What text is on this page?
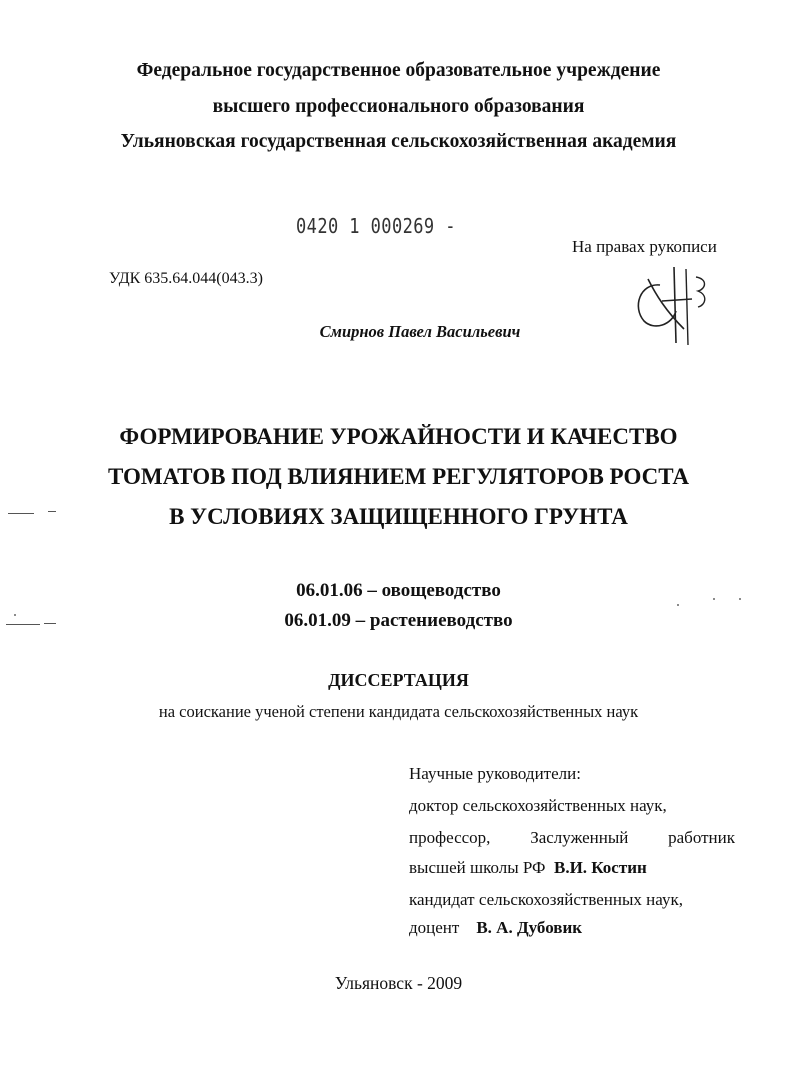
Федеральное государственное образовательное учреждение
высшего профессионального образования
Ульяновская государственная сельскохозяйственная академия
0420 1 000269 -
На правах рукописи
УДК 635.64.044(043.3)
Смирнов Павел Васильевич
ФОРМИРОВАНИЕ УРОЖАЙНОСТИ И КАЧЕСТВО
ТОМАТОВ ПОД ВЛИЯНИЕМ РЕГУЛЯТОРОВ РОСТА
В УСЛОВИЯХ ЗАЩИЩЕННОГО ГРУНТА
06.01.06 – овощеводство
06.01.09 – растениеводство
ДИССЕРТАЦИЯ
на соискание ученой степени кандидата сельскохозяйственных наук
Научные руководители:
доктор сельскохозяйственных наук,
профессор, Заслуженный работник
высшей школы РФ В.И. Костин
кандидат сельскохозяйственных наук,
доцент В. А. Дубовик
Ульяновск - 2009
